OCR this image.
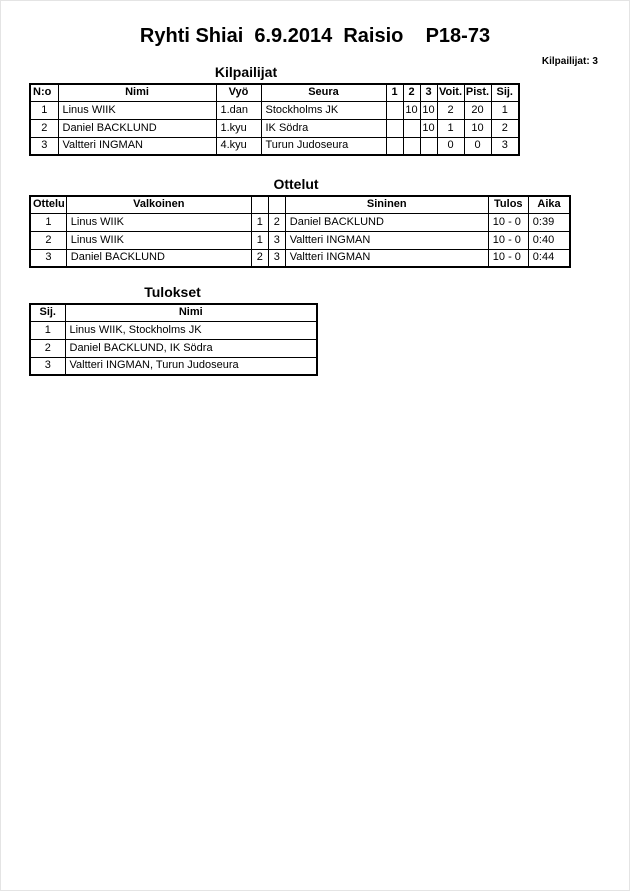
Ryhti Shiai  6.9.2014  Raisio    P18-73
Kilpailijat: 3
Kilpailijat
N:o	Nimi	Vyö	Seura	1	2	3	Voit.	Pist.	Sij.
1	Linus WIIK	1.dan	Stockholms JK		10	10	2	20	1
2	Daniel BACKLUND	1.kyu	IK Södra			10	1	10	2
3	Valtteri INGMAN	4.kyu	Turun Judoseura				0	0	3
Ottelut
Ottelu	Valkoinen			Sininen	Tulos	Aika
1	Linus WIIK	1	2	Daniel BACKLUND	10 - 0	0:39
2	Linus WIIK	1	3	Valtteri INGMAN	10 - 0	0:40
3	Daniel BACKLUND	2	3	Valtteri INGMAN	10 - 0	0:44
Tulokset
Sij.	Nimi
1	Linus WIIK, Stockholms JK
2	Daniel BACKLUND, IK Södra
3	Valtteri INGMAN, Turun Judoseura
